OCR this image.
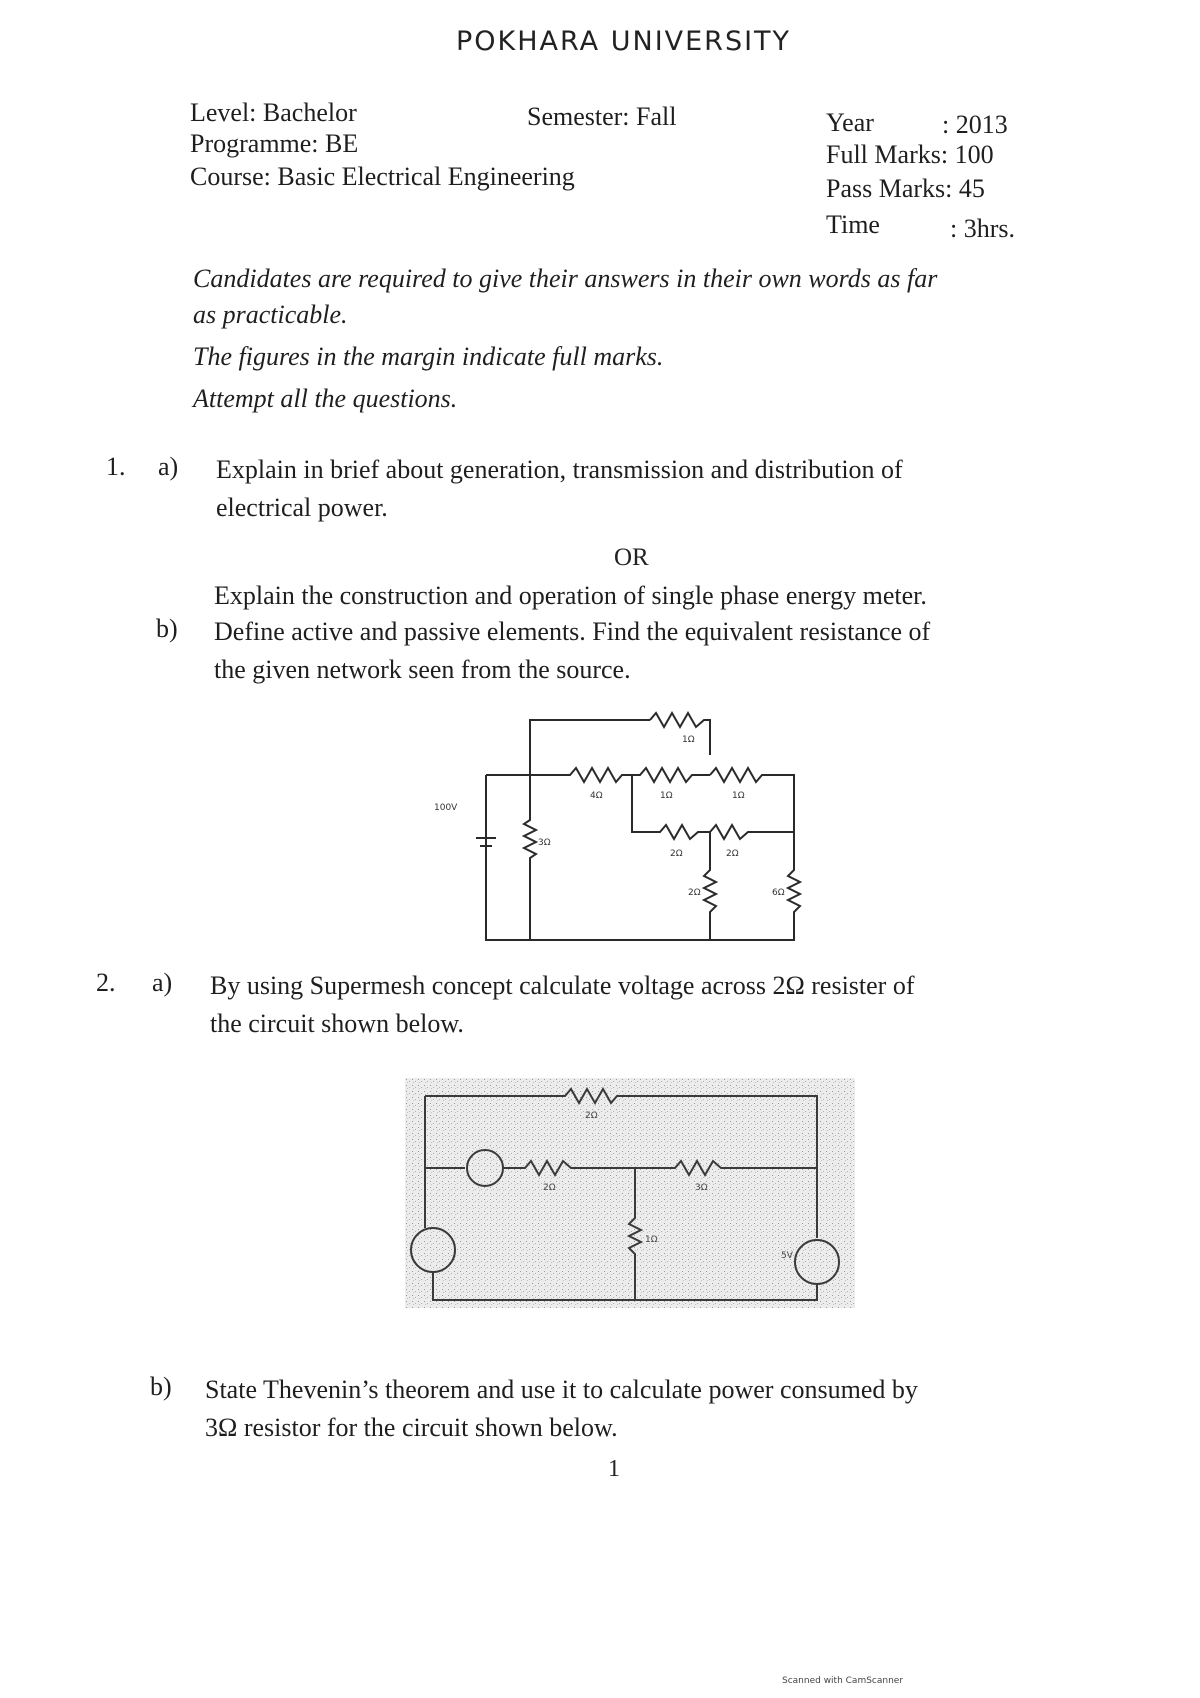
POKHARA UNIVERSITY
Level: Bachelor	Semester: Fall
Programme: BE
Course: Basic Electrical Engineering
Year	: 2013
Full Marks: 100
Pass Marks: 45
Time	: 3hrs.
Candidates are required to give their answers in their own words as far
as practicable.
The figures in the margin indicate full marks.
Attempt all the questions.
1. a) Explain in brief about generation, transmission and distribution of
electrical power.
OR
Explain the construction and operation of single phase energy meter.
b) Define active and passive elements. Find the equivalent resistance of
the given network seen from the source.
100V
1Ω
4Ω	1Ω	1Ω
2Ω	2Ω
3Ω
2Ω	6Ω
2. a) By using Supermesh concept calculate voltage across 2Ω resister of
the circuit shown below.
2Ω
2Ω	3Ω
1Ω
5V
b) State Thevenin’s theorem and use it to calculate power consumed by
3Ω resistor for the circuit shown below.
1
Scanned with CamScanner
